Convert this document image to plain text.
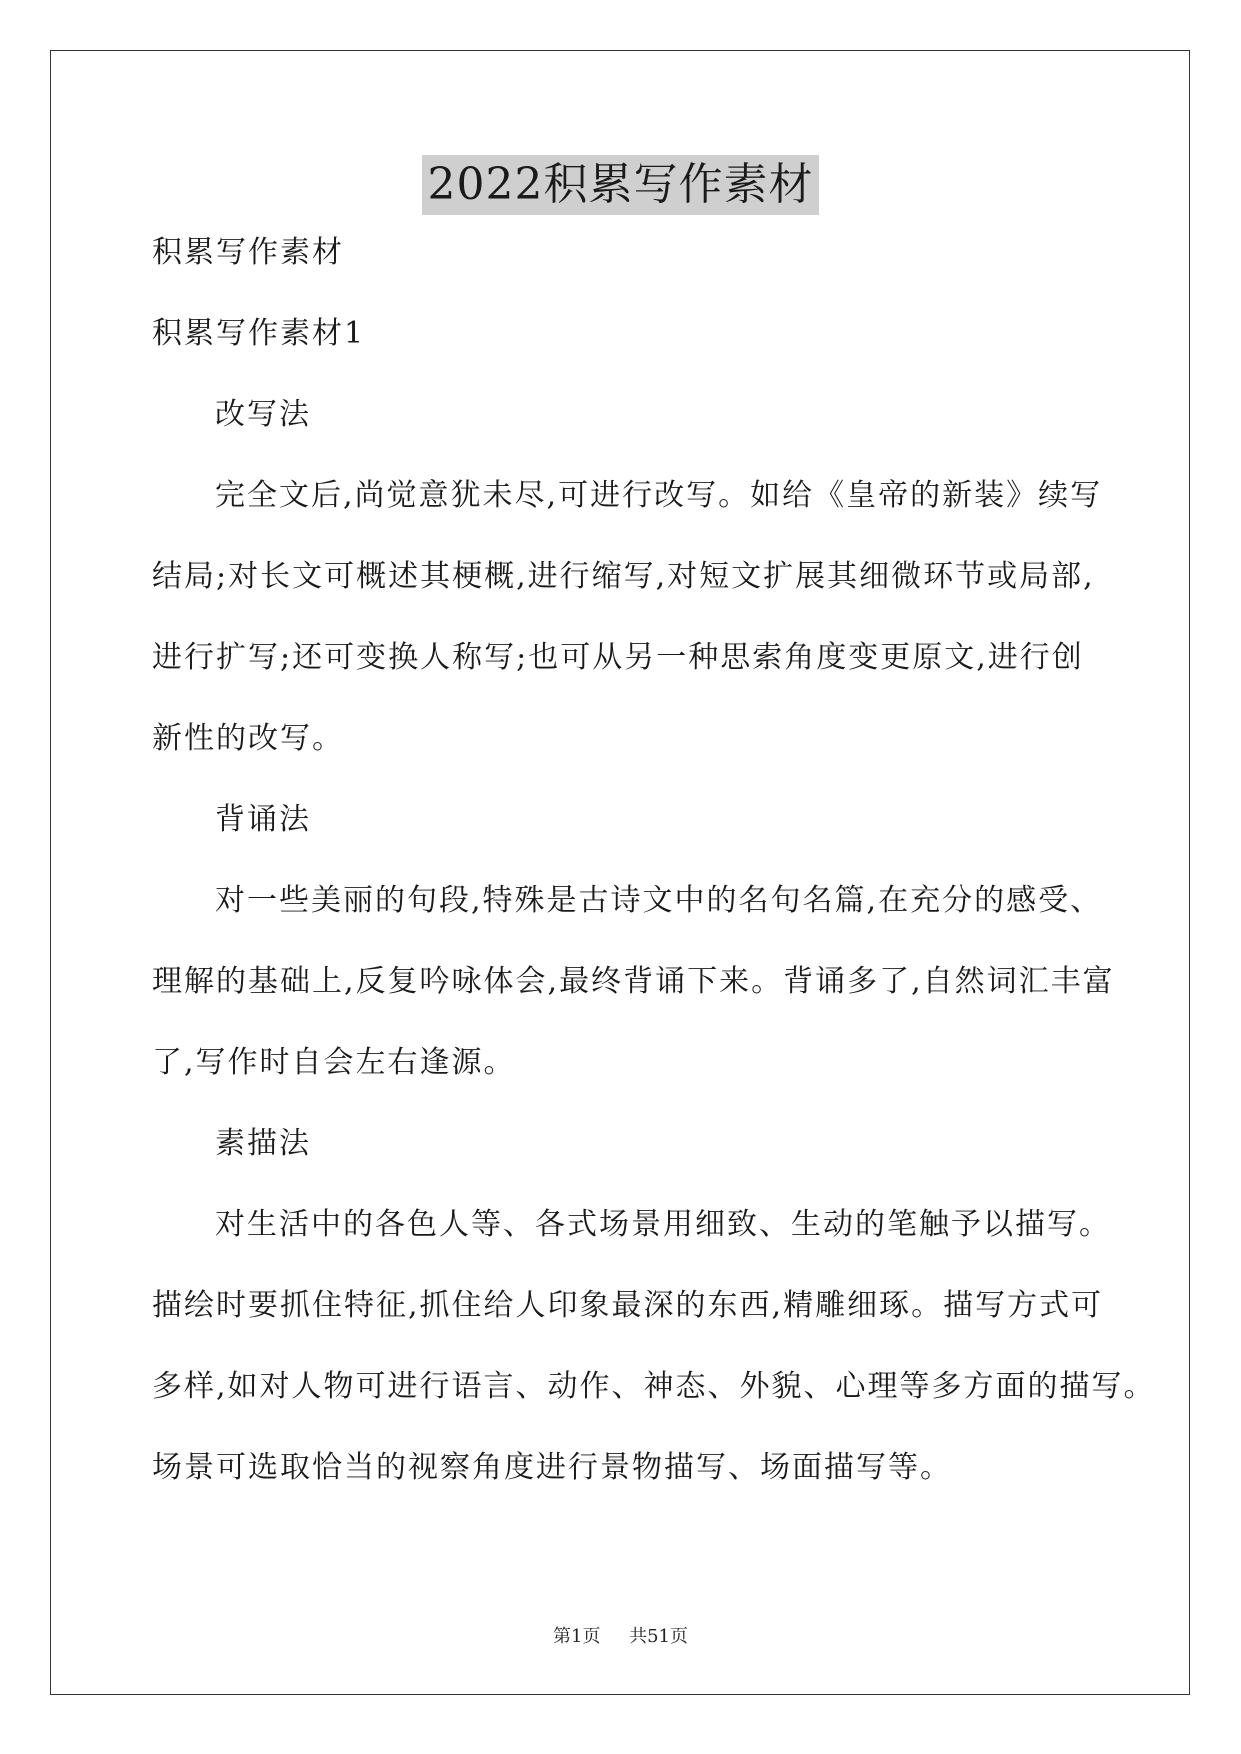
2022积累写作素材
积累写作素材
积累写作素材1
改写法
完全文后,尚觉意犹未尽,可进行改写。如给《皇帝的新装》续写
结局;对长文可概述其梗概,进行缩写,对短文扩展其细微环节或局部,
进行扩写;还可变换人称写;也可从另一种思索角度变更原文,进行创
新性的改写。
背诵法
对一些美丽的句段,特殊是古诗文中的名句名篇,在充分的感受、
理解的基础上,反复吟咏体会,最终背诵下来。背诵多了,自然词汇丰富
了,写作时自会左右逢源。
素描法
对生活中的各色人等、各式场景用细致、生动的笔触予以描写。
描绘时要抓住特征,抓住给人印象最深的东西,精雕细琢。描写方式可
多样,如对人物可进行语言、动作、神态、外貌、心理等多方面的描写。
场景可选取恰当的视察角度进行景物描写、场面描写等。
第1页 共51页
